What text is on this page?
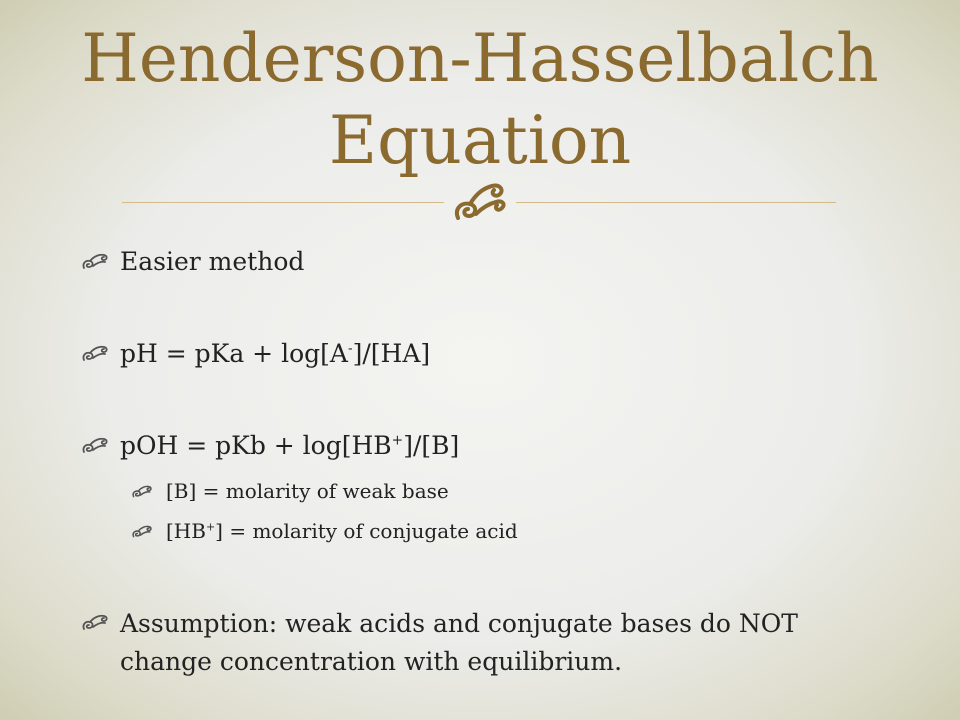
Henderson-Hasselbalch Equation
Easier method
pH = pKa + log[A-]/[HA]
pOH = pKb + log[HB+]/[B]
[B] = molarity of weak base
[HB+] = molarity of conjugate acid
Assumption: weak acids and conjugate bases do NOT change concentration with equilibrium.
